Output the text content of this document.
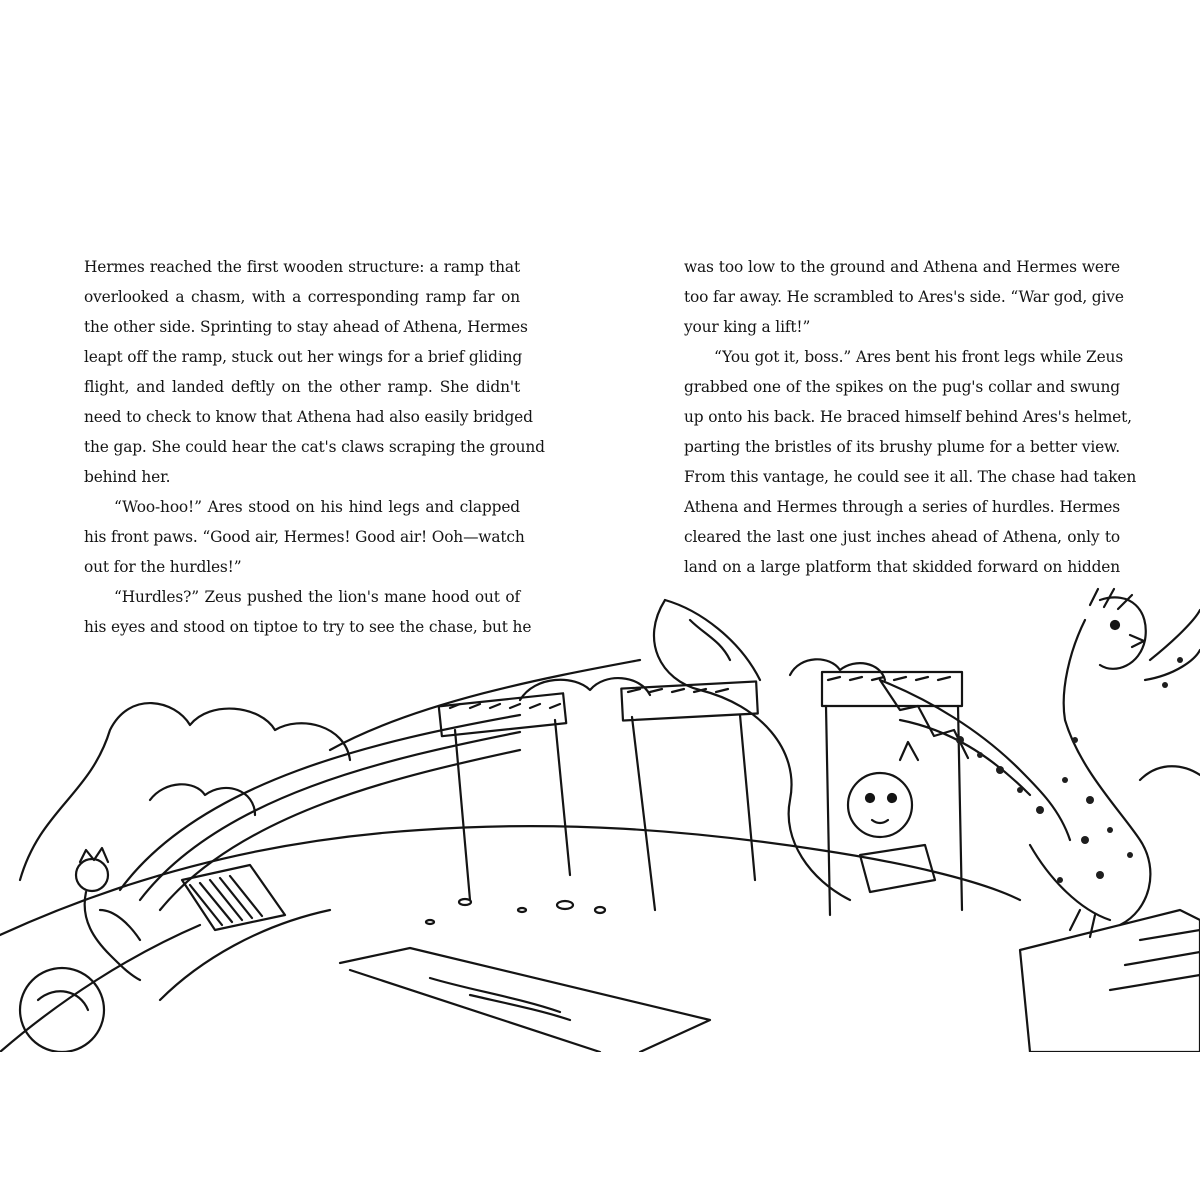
Hermes reached the first wooden structure: a ramp that
overlooked a chasm, with a corresponding ramp far on
the other side. Sprinting to stay ahead of Athena, Hermes
leapt off the ramp, stuck out her wings for a brief gliding
flight, and landed deftly on the other ramp. She didn't
need to check to know that Athena had also easily bridged
the gap. She could hear the cat's claws scraping the ground
behind her.
“Woo-hoo!” Ares stood on his hind legs and clapped
his front paws. “Good air, Hermes! Good air! Ooh—watch
out for the hurdles!”
“Hurdles?” Zeus pushed the lion's mane hood out of
his eyes and stood on tiptoe to try to see the chase, but he
was too low to the ground and Athena and Hermes were
too far away. He scrambled to Ares's side. “War god, give
your king a lift!”
“You got it, boss.” Ares bent his front legs while Zeus
grabbed one of the spikes on the pug's collar and swung
up onto his back. He braced himself behind Ares's helmet,
parting the bristles of its brushy plume for a better view.
From this vantage, he could see it all. The chase had taken
Athena and Hermes through a series of hurdles. Hermes
cleared the last one just inches ahead of Athena, only to
land on a large platform that skidded forward on hidden
